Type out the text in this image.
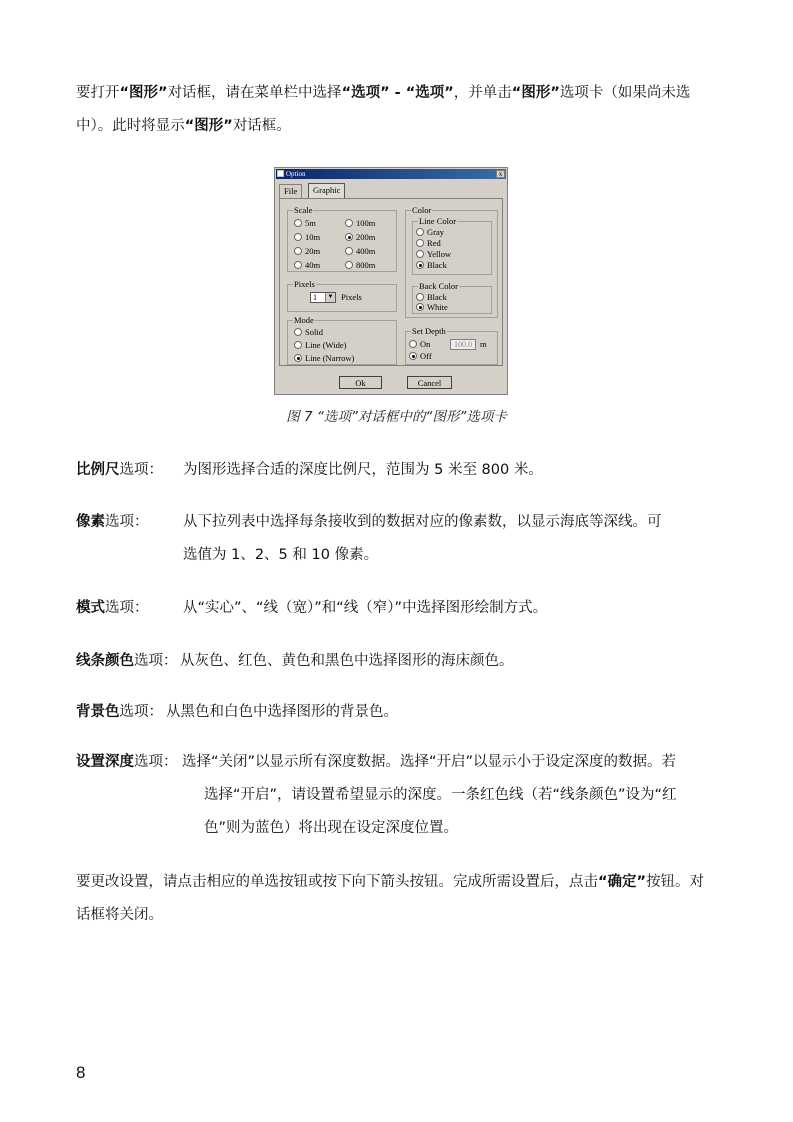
要打开“图形”对话框，请在菜单栏中选择“选项” - “选项”，并单击“图形”选项卡（如果尚未选中）。此时将显示“图形”对话框。
Option	x
File	Graphic
Scale
5m
10m
20m
40m
100m
200m
400m
800m
Pixels
1	▼ Pixels
Mode
Solid
Line (Wide)
Line (Narrow)
Color
Line Color
Gray
Red
Yellow
Black
Back Color
Black
White
Set Depth
On
Off
100.0 m
Ok	Cancel
图 7 “选项”对话框中的“图形”选项卡
比例尺选项： 为图形选择合适的深度比例尺，范围为 5 米至 800 米。
像素选项： 从下拉列表中选择每条接收到的数据对应的像素数，以显示海底等深线。可
选值为 1、2、5 和 10 像素。
模式选项： 从“实心”、“线（宽）”和“线（窄）”中选择图形绘制方式。
线条颜色选项： 从灰色、红色、黄色和黑色中选择图形的海床颜色。
背景色选项： 从黑色和白色中选择图形的背景色。
设置深度选项： 选择“关闭”以显示所有深度数据。选择“开启”以显示小于设定深度的数据。若
选择“开启”，请设置希望显示的深度。一条红色线（若“线条颜色”设为“红
色”则为蓝色）将出现在设定深度位置。
要更改设置，请点击相应的单选按钮或按下向下箭头按钮。完成所需设置后，点击“确定”按钮。对话框将关闭。
8
